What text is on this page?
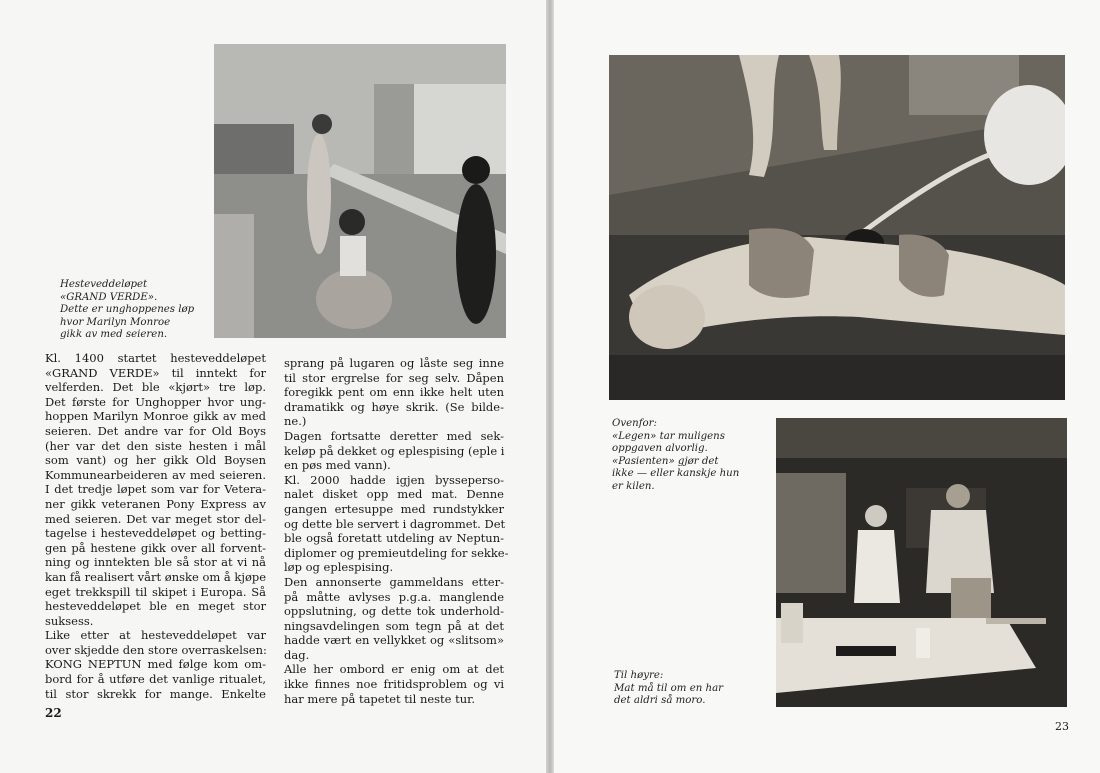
Hesteveddeløpet
«GRAND VERDE».
Dette er unghoppenes løp
hvor Marilyn Monroe
gikk av med seieren.
Kl. 1400 startet hesteveddeløpet
«GRAND VERDE» til inntekt for
velferden. Det ble «kjørt» tre løp.
Det første for Unghopper hvor ung-
hoppen Marilyn Monroe gikk av med
seieren. Det andre var for Old Boys
(her var det den siste hesten i mål
som vant) og her gikk Old Boysen
Kommunearbeideren av med seieren.
I det tredje løpet som var for Vetera-
ner gikk veteranen Pony Express av
med seieren. Det var meget stor del-
tagelse i hesteveddeløpet og betting-
gen på hestene gikk over all forvent-
ning og inntekten ble så stor at vi nå
kan få realisert vårt ønske om å kjøpe
eget trekkspill til skipet i Europa. Så
hesteveddeløpet ble en meget stor
suksess.
Like etter at hesteveddeløpet var
over skjedde den store overraskelsen:
KONG NEPTUN med følge kom om-
bord for å utføre det vanlige ritualet,
til stor skrekk for mange. Enkelte
sprang på lugaren og låste seg inne
til stor ergrelse for seg selv. Dåpen
foregikk pent om enn ikke helt uten
dramatikk og høye skrik. (Se bilde-
ne.)
Dagen fortsatte deretter med sek-
keløp på dekket og eplespising (eple i
en pøs med vann).
Kl. 2000 hadde igjen bysseperso-
nalet disket opp med mat. Denne
gangen ertesuppe med rundstykker
og dette ble servert i dagrommet. Det
ble også foretatt utdeling av Neptun-
diplomer og premieutdeling for sekke-
løp og eplespising.
Den annonserte gammeldans etter-
på måtte avlyses p.g.a. manglende
oppslutning, og dette tok underhold-
ningsavdelingen som tegn på at det
hadde vært en vellykket og «slitsom»
dag.
Alle her ombord er enig om at det
ikke finnes noe fritidsproblem og vi
har mere på tapetet til neste tur.
22
Ovenfor:
«Legen» tar muligens
oppgaven alvorlig.
«Pasienten» gjør det
ikke — eller kanskje hun
er kilen.
Til høyre:
Mat må til om en har
det aldri så moro.
23
